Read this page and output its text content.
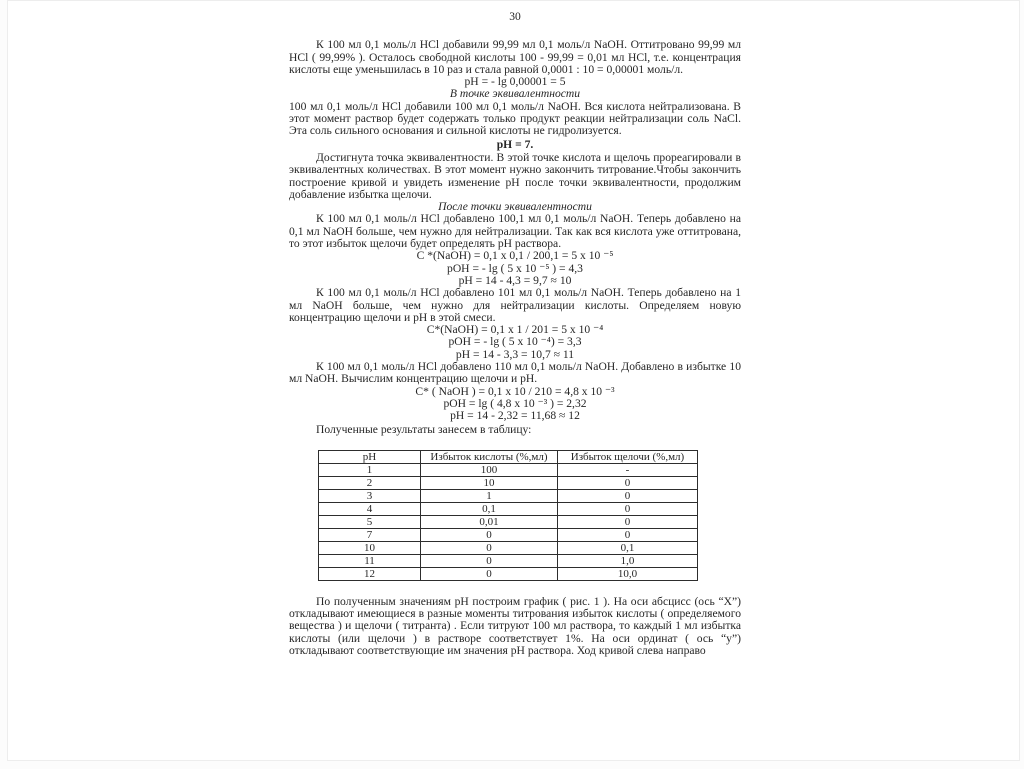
30

К 100 мл 0,1 моль/л HCl добавили 99,99 мл 0,1 моль/л NaOH. Оттитровано 99,99 мл HCl ( 99,99% ). Осталось свободной кислоты 100 - 99,99 = 0,01 мл HCl, т.е. концентрация кислоты еще уменьшилась в 10 раз и стала равной 0,0001 : 10 = 0,00001 моль/л.

pH = - lg 0,00001 = 5
В точке эквивалентности

100 мл 0,1 моль/л HCl добавили 100 мл 0,1 моль/л NaOH. Вся кислота нейтрализована. В этот момент раствор будет содержать только продукт реакции нейтрализации соль NaCl. Эта соль сильного основания и сильной кислоты не гидролизуется.

pH = 7.

Достигнута точка эквивалентности. В этой точке кислота и щелочь прореагировали в эквивалентных количествах. В этот момент нужно закончить титрование.Чтобы закончить построение кривой и увидеть изменение pH после точки эквивалентности, продолжим добавление избытка щелочи.

После точки эквивалентности

К 100 мл 0,1 моль/л HCl добавлено 100,1 мл 0,1 моль/л NaOH. Теперь добавлено на 0,1 мл NaOH больше, чем нужно для нейтрализации. Так как вся кислота уже оттитрована, то этот избыток щелочи будет определять pH раствора.

С *(NaOH) = 0,1 x 0,1 / 200,1 = 5 x 10 ⁻⁵
pOH = - lg ( 5 x 10 ⁻⁵ ) = 4,3
pH = 14 - 4,3 = 9,7 ≈ 10

К 100 мл 0,1 моль/л HCl добавлено 101 мл 0,1 моль/л NaOH. Теперь добавлено на 1 мл NaOH больше, чем нужно для нейтрализации кислоты. Определяем новую концентрацию щелочи и pH в этой смеси.

С*(NaOH) = 0,1 x 1 / 201 = 5 x 10 ⁻⁴
pOH = - lg ( 5 x 10 ⁻⁴) = 3,3
pH = 14 - 3,3 = 10,7 ≈ 11

К 100 мл 0,1 моль/л HCl добавлено 110 мл 0,1 моль/л NaOH. Добавлено в избытке 10 мл NaOH. Вычислим концентрацию щелочи и pH.

С* ( NaOH ) = 0,1 x 10 / 210 = 4,8 x 10 ⁻³
pOH = lg ( 4,8 x 10 ⁻³ ) = 2,32
pH = 14 - 2,32 = 11,68 ≈ 12

Полученные результаты занесем в таблицу:

pH	Избыток кислоты (%,мл)	Избыток щелочи (%,мл)
1	100	-
2	10	0
3	1	0
4	0,1	0
5	0,01	0
7	0	0
10	0	0,1
11	0	1,0
12	0	10,0

По полученным значениям pH построим график ( рис. 1 ). На оси абсцисс (ось “X”) откладывают имеющиеся в разные моменты титрования избыток кислоты ( определяемого вещества ) и щелочи ( титранта) . Если титруют 100 мл раствора, то каждый 1 мл избытка кислоты (или щелочи ) в растворе соответствует 1%. На оси ординат ( ось “у”) откладывают соответствующие им значения pH раствора. Ход кривой слева направо
